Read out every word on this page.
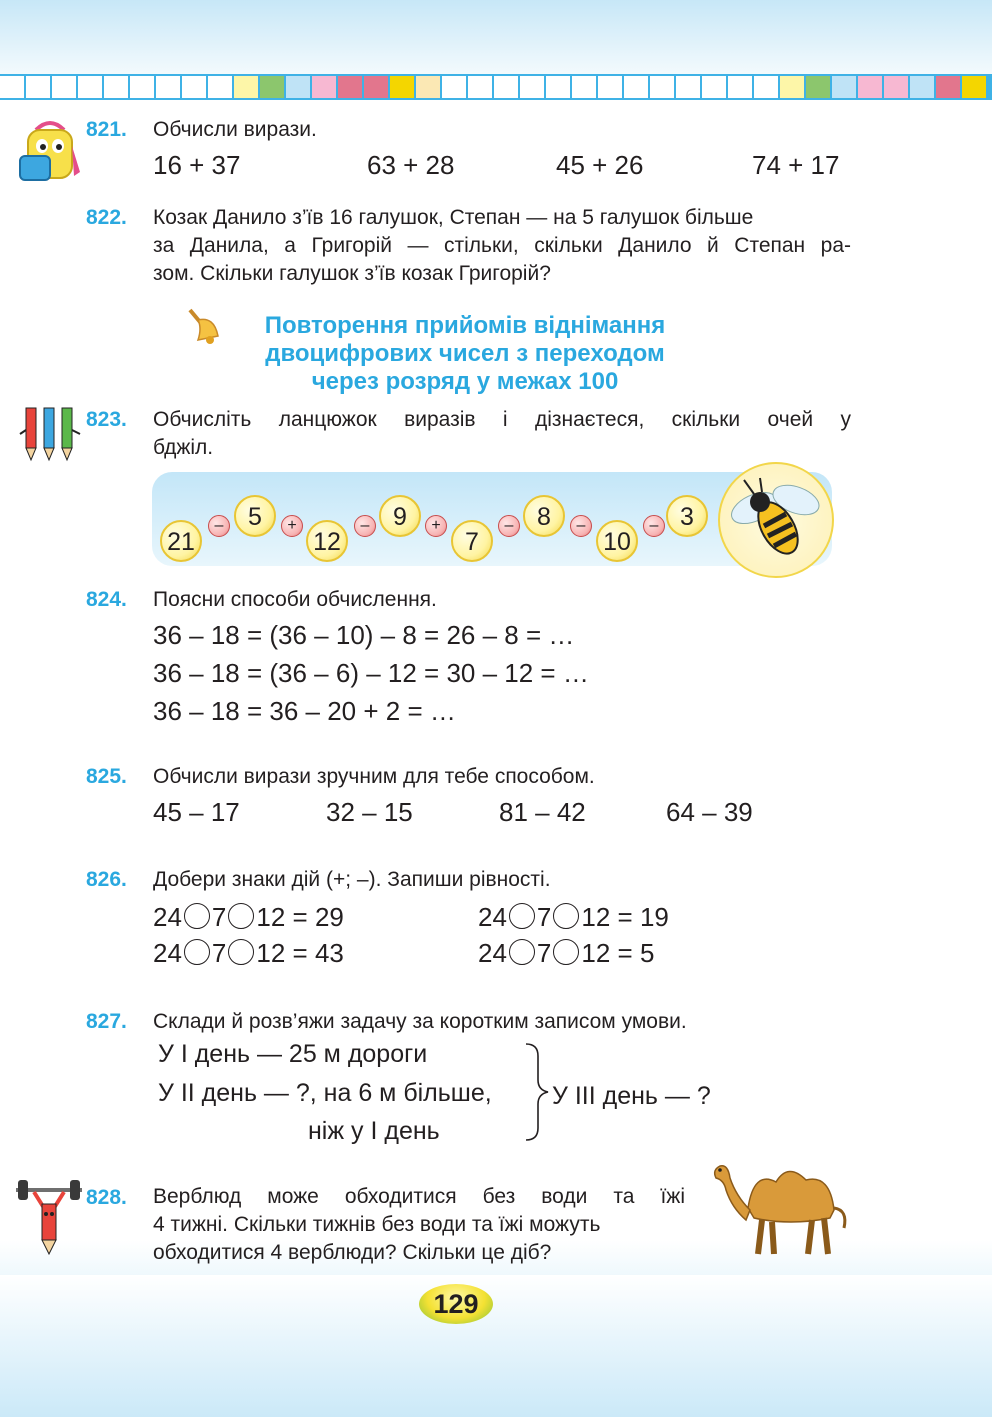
821. Обчисли вирази.
16 + 37	63 + 28	45 + 26	74 + 17
822. Козак Данило з’їв 16 галушок, Степан — на 5 галушок більше
за Данила, а Григорій — стільки, скільки Данило й Степан ра-
зом. Скільки галушок з’їв козак Григорій?
Повторення прийомів віднімання
двоцифрових чисел з переходом
через розряд у межах 100
823. Обчисліть ланцюжок виразів і дізнаєтеся, скільки очей у
бджіл.
21
– 5	+
12
– 9	+
7
– 8	–
10
– 3
824. Поясни способи обчислення.
36 – 18 = (36 – 10) – 8 = 26 – 8 = …
36 – 18 = (36 – 6) – 12 = 30 – 12 = …
36 – 18 = 36 – 20 + 2 = …
825. Обчисли вирази зручним для тебе способом.
45 – 17	32 – 15	81 – 42	64 – 39
826. Добери знаки дій (+; –). Запиши рівності.
24 7 12 = 29	24 7 12 = 19
24 7 12 = 43	24 7 12 = 5
827. Склади й розв’яжи задачу за коротким записом умови.
У І день — 25 м дороги
У ІІ день — ?, на 6 м більше,
ніж у І день
У ІІІ день — ?
828. Верблюд може обходитися без води та їжі
4 тижні. Скільки тижнів без води та їжі можуть
обходитися 4 верблюди? Скільки це діб?
129
